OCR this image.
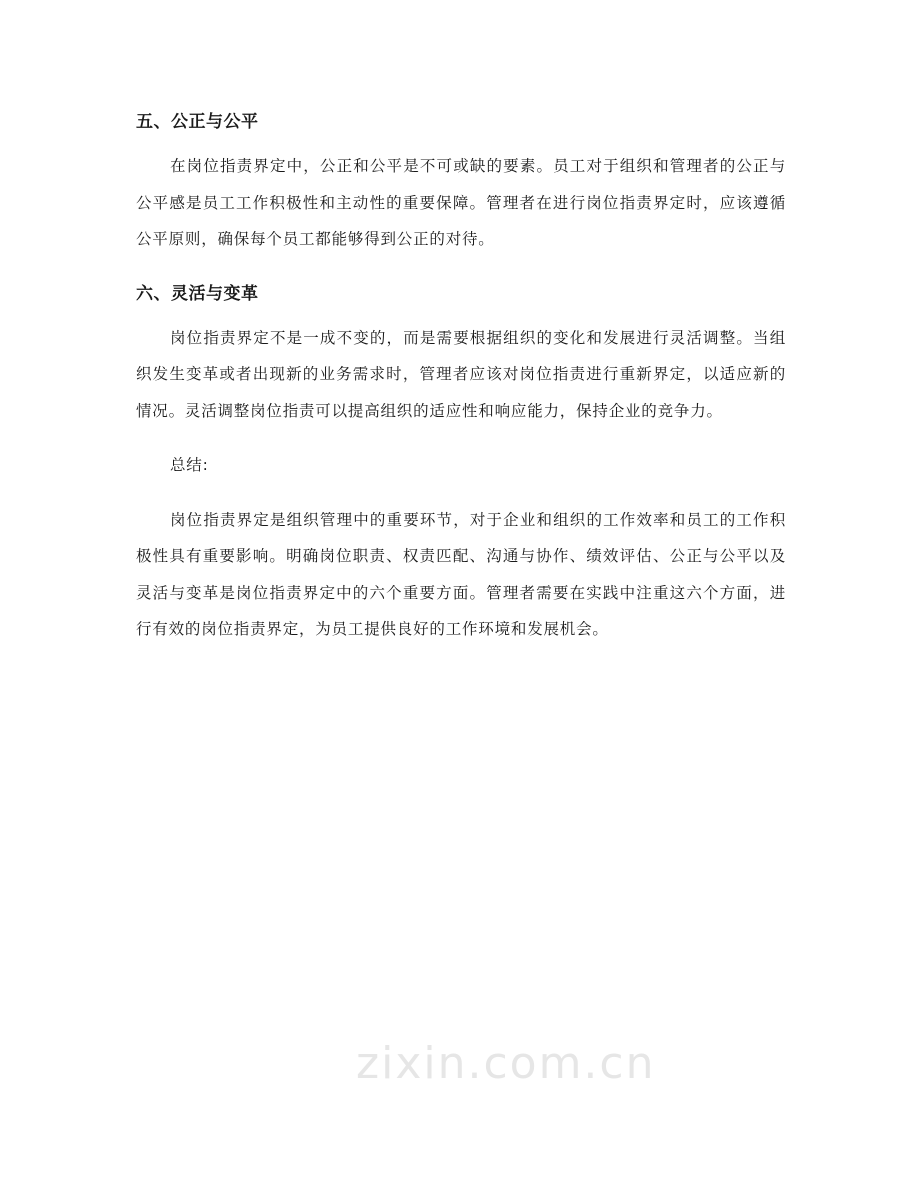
五、公正与公平

在岗位指责界定中，公正和公平是不可或缺的要素。员工对于组织和管理者的公正与公平感是员工工作积极性和主动性的重要保障。管理者在进行岗位指责界定时，应该遵循公平原则，确保每个员工都能够得到公正的对待。

六、灵活与变革

岗位指责界定不是一成不变的，而是需要根据组织的变化和发展进行灵活调整。当组织发生变革或者出现新的业务需求时，管理者应该对岗位指责进行重新界定，以适应新的情况。灵活调整岗位指责可以提高组织的适应性和响应能力，保持企业的竞争力。

总结:

岗位指责界定是组织管理中的重要环节，对于企业和组织的工作效率和员工的工作积极性具有重要影响。明确岗位职责、权责匹配、沟通与协作、绩效评估、公正与公平以及灵活与变革是岗位指责界定中的六个重要方面。管理者需要在实践中注重这六个方面，进行有效的岗位指责界定，为员工提供良好的工作环境和发展机会。

zixin.com.cn
